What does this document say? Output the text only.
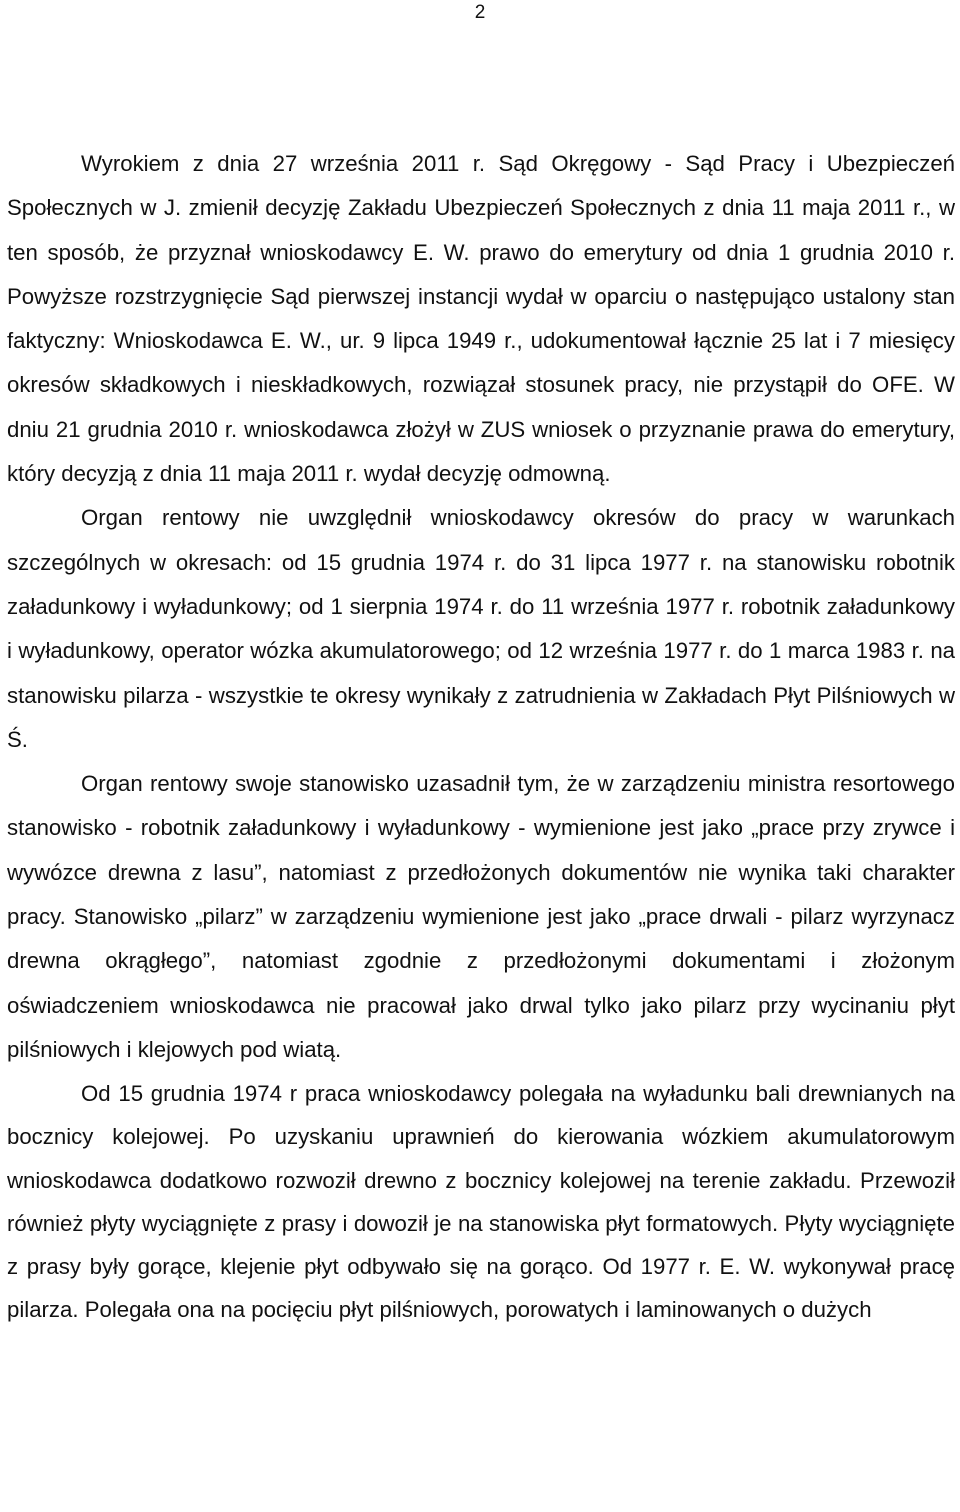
2

Wyrokiem z dnia 27 września 2011 r. Sąd Okręgowy - Sąd Pracy i Ubezpieczeń Społecznych w J. zmienił decyzję Zakładu Ubezpieczeń Społecznych z dnia 11 maja 2011 r., w ten sposób, że przyznał wnioskodawcy E. W. prawo do emerytury od dnia 1 grudnia 2010 r. Powyższe rozstrzygnięcie Sąd pierwszej instancji wydał w oparciu o następująco ustalony stan faktyczny: Wnioskodawca E. W., ur. 9 lipca 1949 r., udokumentował łącznie 25 lat i 7 miesięcy okresów składkowych i nieskładkowych, rozwiązał stosunek pracy, nie przystąpił do OFE. W dniu 21 grudnia 2010 r. wnioskodawca złożył w ZUS wniosek o przyznanie prawa do emerytury, który decyzją z dnia 11 maja 2011 r. wydał decyzję odmowną.

Organ rentowy nie uwzględnił wnioskodawcy okresów do pracy w warunkach szczególnych w okresach: od 15 grudnia 1974 r. do 31 lipca 1977 r. na stanowisku robotnik załadunkowy i wyładunkowy; od 1 sierpnia 1974 r. do 11 września 1977 r. robotnik załadunkowy i wyładunkowy, operator wózka akumulatorowego; od 12 września 1977 r. do 1 marca 1983 r. na stanowisku pilarza - wszystkie te okresy wynikały z zatrudnienia w Zakładach Płyt Pilśniowych w Ś.

Organ rentowy swoje stanowisko uzasadnił tym, że w zarządzeniu ministra resortowego stanowisko - robotnik załadunkowy i wyładunkowy - wymienione jest jako „prace przy zrywce i wywózce drewna z lasu”, natomiast z przedłożonych dokumentów nie wynika taki charakter pracy. Stanowisko „pilarz” w zarządzeniu wymienione jest jako „prace drwali - pilarz wyrzynacz drewna okrągłego”, natomiast zgodnie z przedłożonymi dokumentami i złożonym oświadczeniem wnioskodawca nie pracował jako drwal tylko jako pilarz przy wycinaniu płyt pilśniowych i klejowych pod wiatą.

Od 15 grudnia 1974 r praca wnioskodawcy polegała na wyładunku bali drewnianych na bocznicy kolejowej. Po uzyskaniu uprawnień do kierowania wózkiem akumulatorowym wnioskodawca dodatkowo rozwoził drewno z bocznicy kolejowej na terenie zakładu. Przewoził również płyty wyciągnięte z prasy i dowoził je na stanowiska płyt formatowych. Płyty wyciągnięte z prasy były gorące, klejenie płyt odbywało się na gorąco. Od 1977 r. E. W. wykonywał pracę pilarza. Polegała ona na pocięciu płyt pilśniowych, porowatych i laminowanych o dużych
